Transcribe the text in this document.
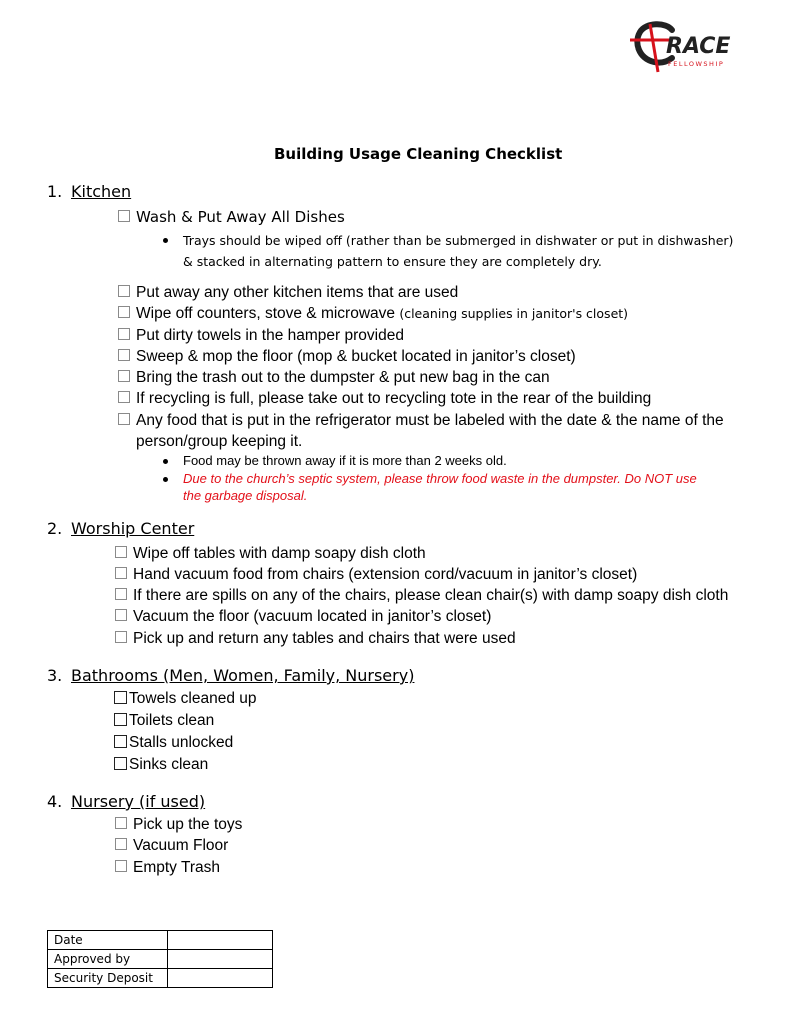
RACE
FELLOWSHIP
Building Usage Cleaning Checklist
1. Kitchen
Wash & Put Away All Dishes
Trays should be wiped off (rather than be submerged in dishwater or put in dishwasher)
& stacked in alternating pattern to ensure they are completely dry.
Put away any other kitchen items that are used
Wipe off counters, stove & microwave (cleaning supplies in janitor's closet)
Put dirty towels in the hamper provided
Sweep & mop the floor (mop & bucket located in janitor’s closet)
Bring the trash out to the dumpster & put new bag in the can
If recycling is full, please take out to recycling tote in the rear of the building
Any food that is put in the refrigerator must be labeled with the date & the name of the
person/group keeping it.
Food may be thrown away if it is more than 2 weeks old.
Due to the church’s septic system, please throw food waste in the dumpster. Do NOT use
the garbage disposal.
2. Worship Center
Wipe off tables with damp soapy dish cloth
Hand vacuum food from chairs (extension cord/vacuum in janitor’s closet)
If there are spills on any of the chairs, please clean chair(s) with damp soapy dish cloth
Vacuum the floor (vacuum located in janitor’s closet)
Pick up and return any tables and chairs that were used
3. Bathrooms (Men, Women, Family, Nursery)
Towels cleaned up
Toilets clean
Stalls unlocked
Sinks clean
4. Nursery (if used)
Pick up the toys
Vacuum Floor
Empty Trash
Date	
Approved by	
Security Deposit	
